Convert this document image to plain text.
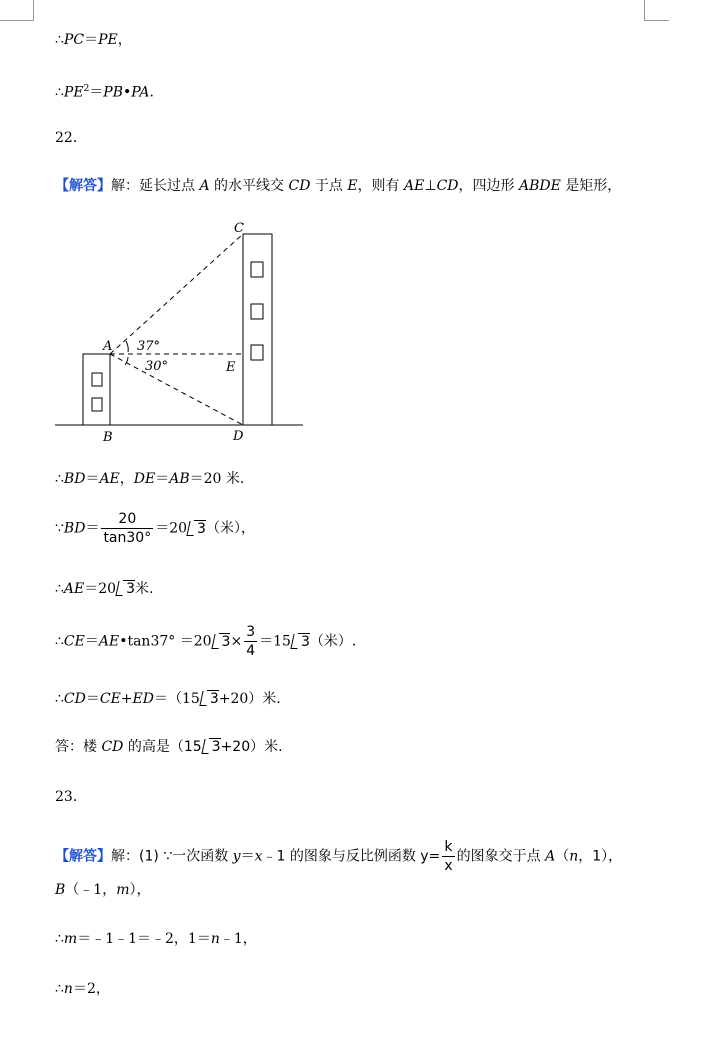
∴PC＝PE，
$\therefore PE^2=PB•PA$.
22．
【解答】解：延长过点 A 的水平线交 CD 于点 E，则有 AE⊥CD，四边形 ABDE 是矩形，
C
A
E
B	D
37°
30°
∴BD＝AE，DE＝AB＝20 米.
∵BD＝ $\frac{20}{\tan 30^\circ} =20$ 3（米），
∴AE＝20 3米.
∴CE＝AE•tan37° ＝20 $3\times \frac{3}{4} =15$ 3（米）.
∴CD＝CE+ED＝（15 3+20）米.
答：楼 CD 的高是（15 3+20）米.
23．
【解答】解：(1) ∵一次函数 y＝x﹣1 的图象与反比例函数 $y= \frac{k}{x}$ 的图象交于点 A（n，1），
B（﹣1，m），
∴m＝﹣1﹣1＝﹣2，1＝n﹣1，
∴n＝2，
